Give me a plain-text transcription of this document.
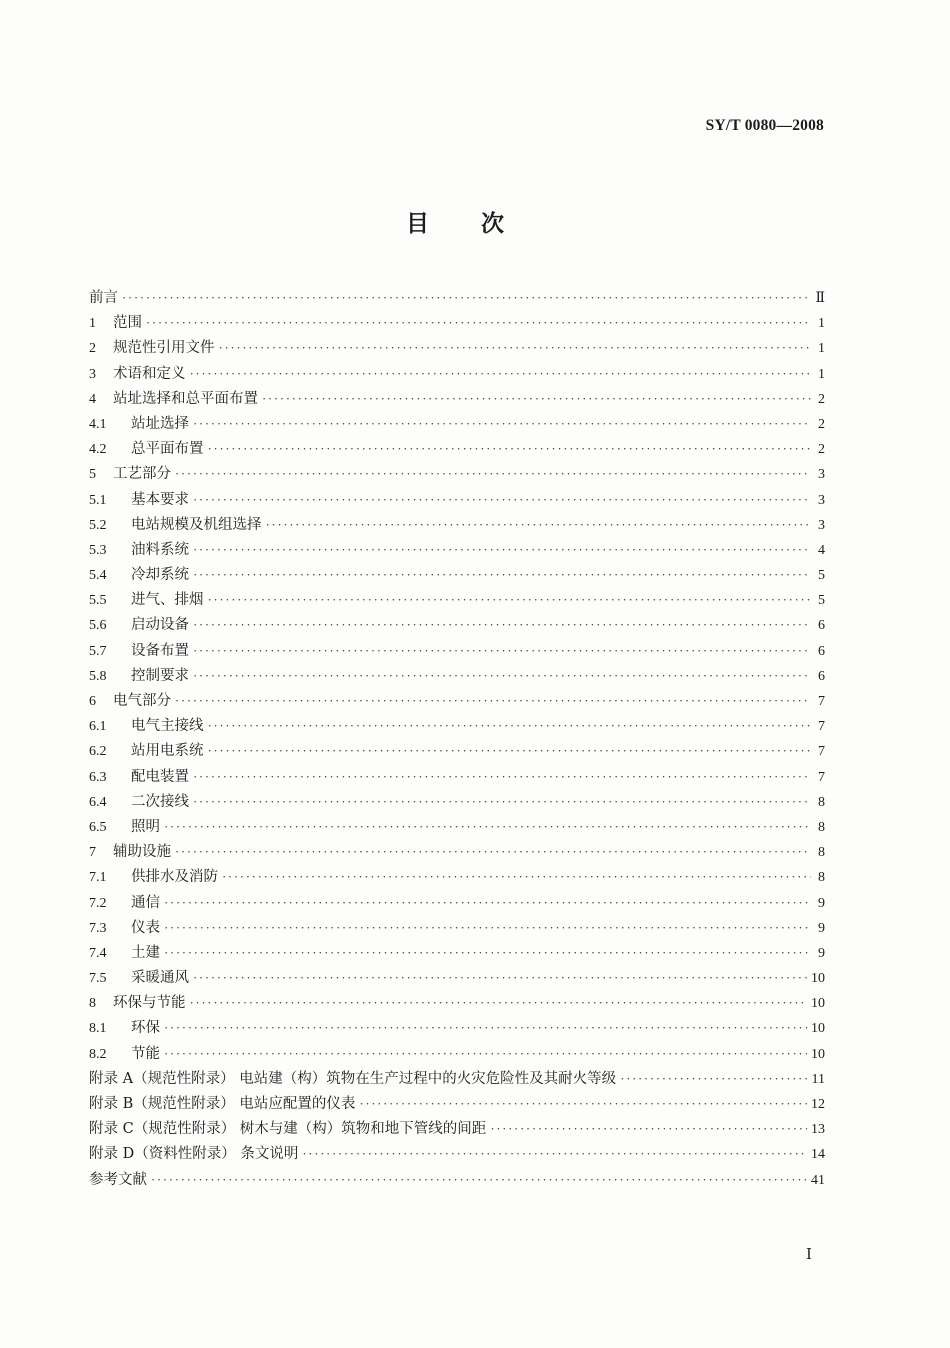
SY/T 0080—2008
目 次
前言 ·····	Ⅱ
1	范围 ·····	1
2	规范性引用文件 ·····	1
3	术语和定义 ·····	1
4	站址选择和总平面布置 ·····	2
4.1	站址选择 ·····	2
4.2	总平面布置 ·····	2
5	工艺部分 ·····	3
5.1	基本要求 ·····	3
5.2	电站规模及机组选择 ·····	3
5.3	油料系统 ·····	4
5.4	冷却系统 ·····	5
5.5	进气、排烟 ·····	5
5.6	启动设备 ·····	6
5.7	设备布置 ·····	6
5.8	控制要求 ·····	6
6	电气部分 ·····	7
6.1	电气主接线 ·····	7
6.2	站用电系统 ·····	7
6.3	配电装置 ·····	7
6.4	二次接线 ·····	8
6.5	照明 ·····	8
7	辅助设施 ·····	8
7.1	供排水及消防 ·····	8
7.2	通信 ·····	9
7.3	仪表 ·····	9
7.4	土建 ·····	9
7.5	采暖通风 ·····	10
8	环保与节能 ·····	10
8.1	环保 ·····	10
8.2	节能 ·····	10
附录 A（规范性附录） 电站建（构）筑物在生产过程中的火灾危险性及其耐火等级 ·····	11
附录 B（规范性附录） 电站应配置的仪表 ·····	12
附录 C（规范性附录） 树木与建（构）筑物和地下管线的间距 ·····	13
附录 D（资料性附录） 条文说明 ·····	14
参考文献 ·····	41
Ⅰ
